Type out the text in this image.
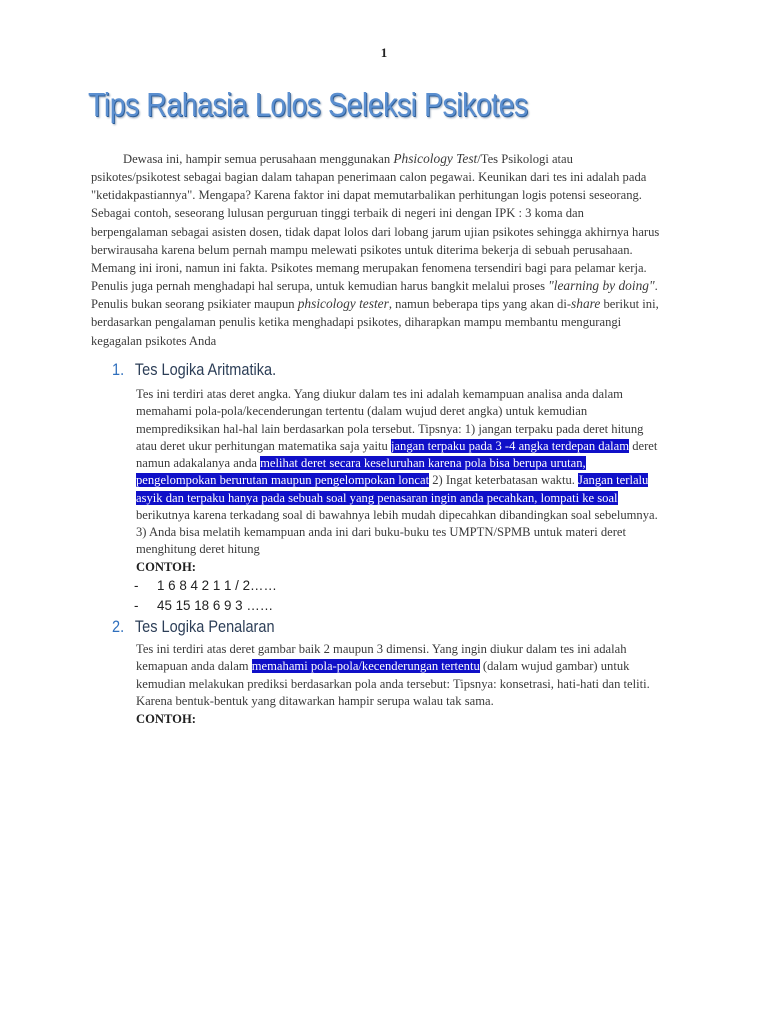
1
Tips Rahasia Lolos Seleksi Psikotes

Dewasa ini, hampir semua perusahaan menggunakan Phsicology Test/Tes Psikologi atau psikotes/psikotest sebagai bagian dalam tahapan penerimaan calon pegawai. Keunikan dari tes ini adalah pada "ketidakpastiannya". Mengapa? Karena faktor ini dapat memutarbalikan perhitungan logis potensi seseorang. Sebagai contoh, seseorang lulusan perguruan tinggi terbaik di negeri ini dengan IPK : 3 koma dan berpengalaman sebagai asisten dosen, tidak dapat lolos dari lobang jarum ujian psikotes sehingga akhirnya harus berwirausaha karena belum pernah mampu melewati psikotes untuk diterima bekerja di sebuah perusahaan. Memang ini ironi, namun ini fakta. Psikotes memang merupakan fenomena tersendiri bagi para pelamar kerja. Penulis juga pernah menghadapi hal serupa, untuk kemudian harus bangkit melalui proses "learning by doing". Penulis bukan seorang psikiater maupun phsicology tester, namun beberapa tips yang akan di-share berikut ini, berdasarkan pengalaman penulis ketika menghadapi psikotes, diharapkan mampu membantu mengurangi kegagalan psikotes Anda

1. Tes Logika Aritmatika.

Tes ini terdiri atas deret angka. Yang diukur dalam tes ini adalah kemampuan analisa anda dalam memahami pola-pola/kecenderungan tertentu (dalam wujud deret angka) untuk kemudian memprediksikan hal-hal lain berdasarkan pola tersebut. Tipsnya: 1) jangan terpaku pada deret hitung atau deret ukur perhitungan matematika saja yaitu jangan terpaku pada 3 -4 angka terdepan dalam deret namun adakalanya anda melihat deret secara keseluruhan karena pola bisa berupa urutan, pengelompokan berurutan maupun pengelompokan loncat 2) Ingat keterbatasan waktu. Jangan terlalu asyik dan terpaku hanya pada sebuah soal yang penasaran ingin anda pecahkan, lompati ke soal berikutnya karena terkadang soal di bawahnya lebih mudah dipecahkan dibandingkan soal sebelumnya. 3) Anda bisa melatih kemampuan anda ini dari buku-buku tes UMPTN/SPMB untuk materi deret menghitung deret hitung

CONTOH:
- 1 6 8 4 2 1 1 / 2……
- 45 15 18 6 9 3 ……
2. Tes Logika Penalaran

Tes ini terdiri atas deret gambar baik 2 maupun 3 dimensi. Yang ingin diukur dalam tes ini adalah kemapuan anda dalam memahami pola-pola/kecenderungan tertentu (dalam wujud gambar) untuk kemudian melakukan prediksi berdasarkan pola anda tersebut: Tipsnya: konsetrasi, hati-hati dan teliti. Karena bentuk-bentuk yang ditawarkan hampir serupa walau tak sama.

CONTOH:
